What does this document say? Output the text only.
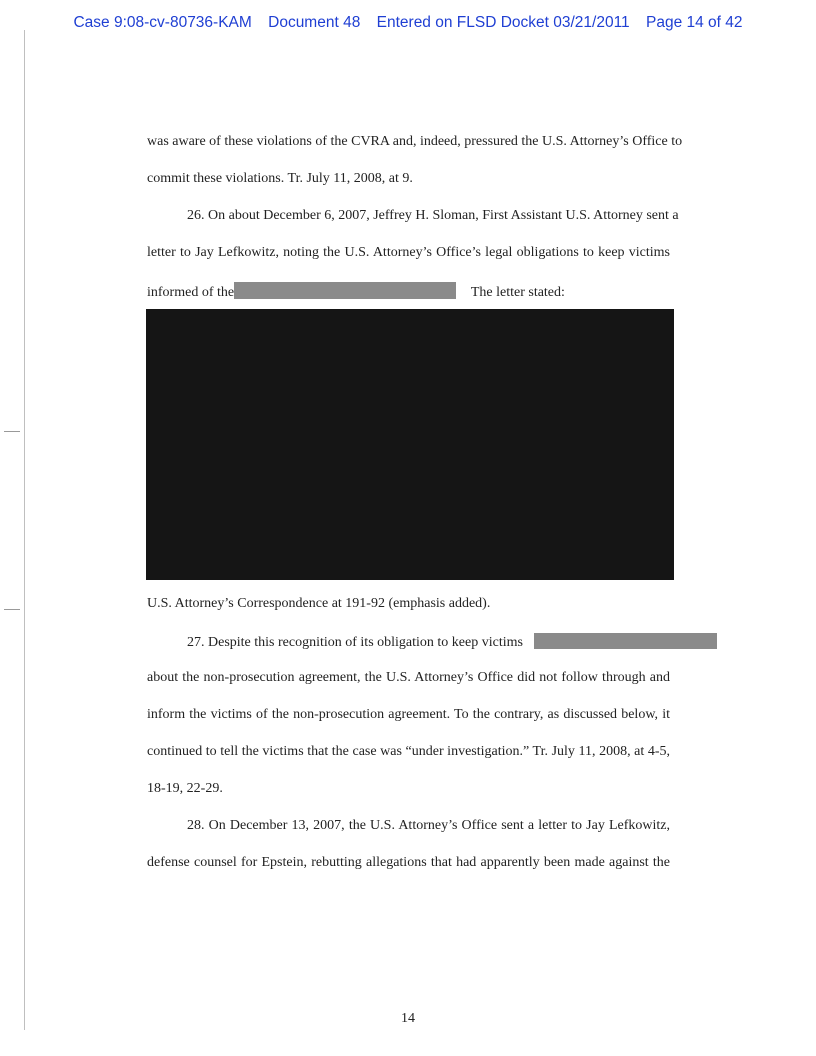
Case 9:08-cv-80736-KAM Document 48 Entered on FLSD Docket 03/21/2011 Page 14 of 42
was aware of these violations of the CVRA and, indeed, pressured the U.S. Attorney’s Office to
commit these violations. Tr. July 11, 2008, at 9.
26. On about December 6, 2007, Jeffrey H. Sloman, First Assistant U.S. Attorney sent a
letter to Jay Lefkowitz, noting the U.S. Attorney’s Office’s legal obligations to keep victims
informed of the	The letter stated:
U.S. Attorney’s Correspondence at 191-92 (emphasis added).
27. Despite this recognition of its obligation to keep victims
about the non-prosecution agreement, the U.S. Attorney’s Office did not follow through and
inform the victims of the non-prosecution agreement. To the contrary, as discussed below, it
continued to tell the victims that the case was “under investigation.” Tr. July 11, 2008, at 4-5,
18-19, 22-29.
28. On December 13, 2007, the U.S. Attorney’s Office sent a letter to Jay Lefkowitz,
defense counsel for Epstein, rebutting allegations that had apparently been made against the
14
